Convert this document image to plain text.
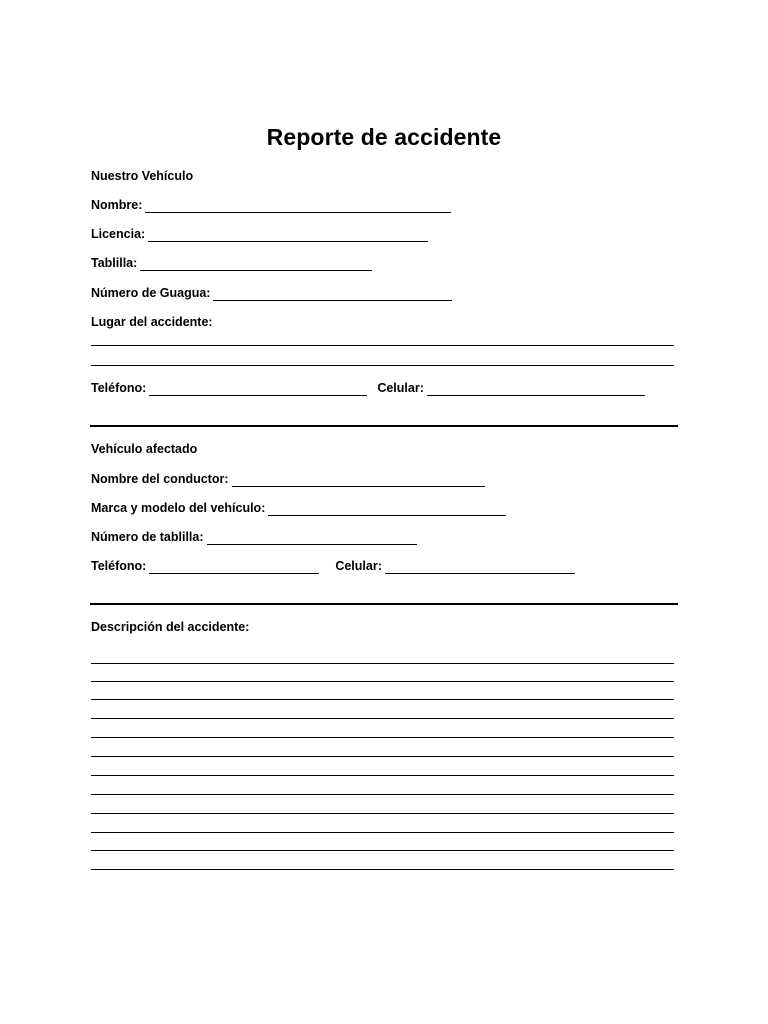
Reporte de accidente
Nuestro Vehículo
Nombre:
Licencia:
Tablilla:
Número de Guagua:
Lugar del accidente:
Teléfono:	Celular:
Vehículo afectado
Nombre del conductor:
Marca y modelo del vehículo:
Número de tablilla:
Teléfono:	Celular:
Descripción del accidente:
